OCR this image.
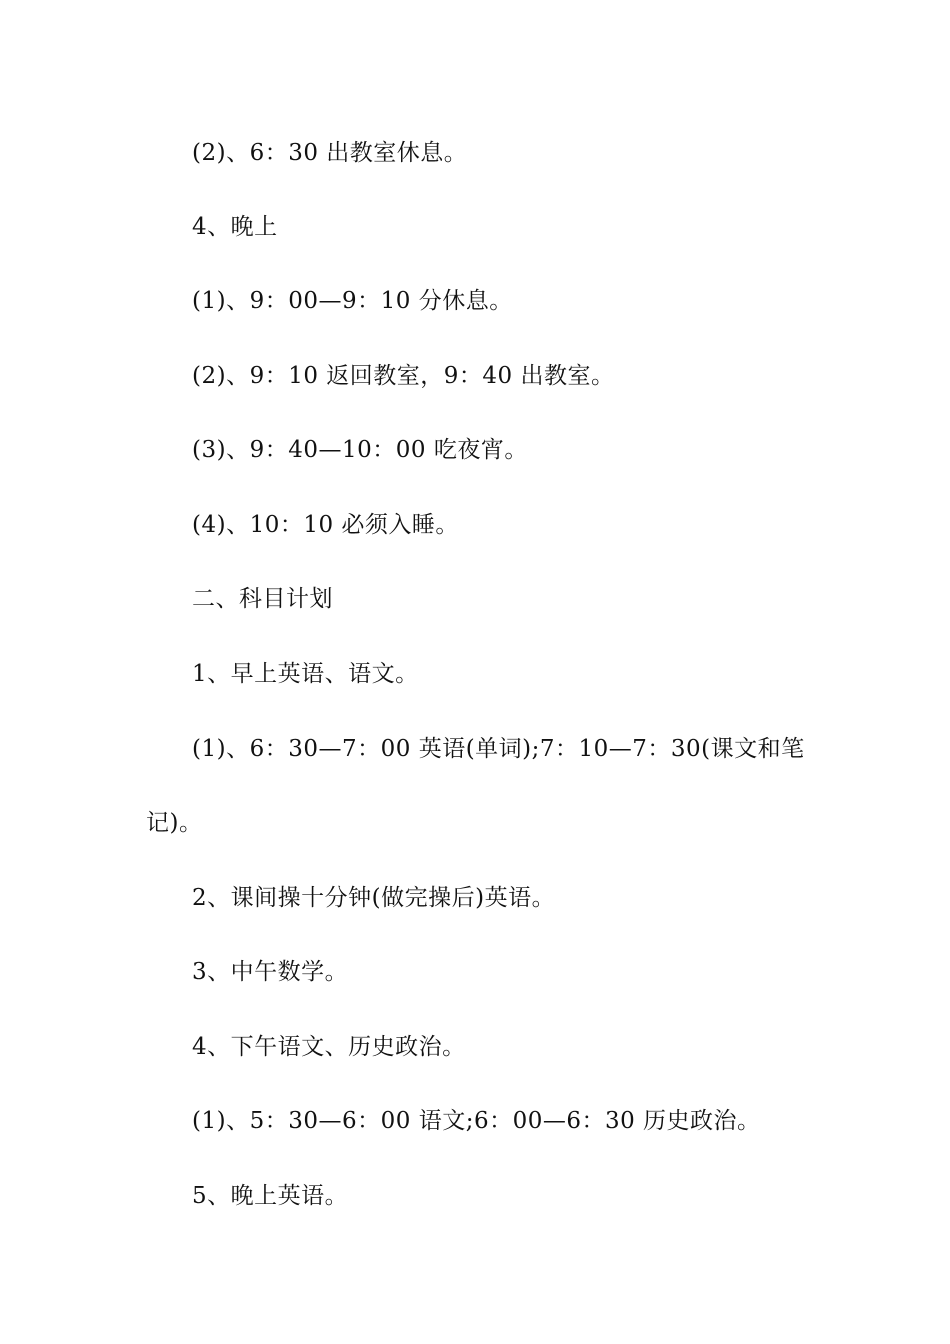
(2)、6：30 出教室休息。
4、晚上
(1)、9：00—9：10 分休息。
(2)、9：10 返回教室，9：40 出教室。
(3)、9：40—10：00 吃夜宵。
(4)、10：10 必须入睡。
二、科目计划
1、早上英语、语文。
(1)、6：30—7：00 英语(单词);7：10—7：30(课文和笔
记)。
2、课间操十分钟(做完操后)英语。
3、中午数学。
4、下午语文、历史政治。
(1)、5：30—6：00 语文;6：00—6：30 历史政治。
5、晚上英语。
